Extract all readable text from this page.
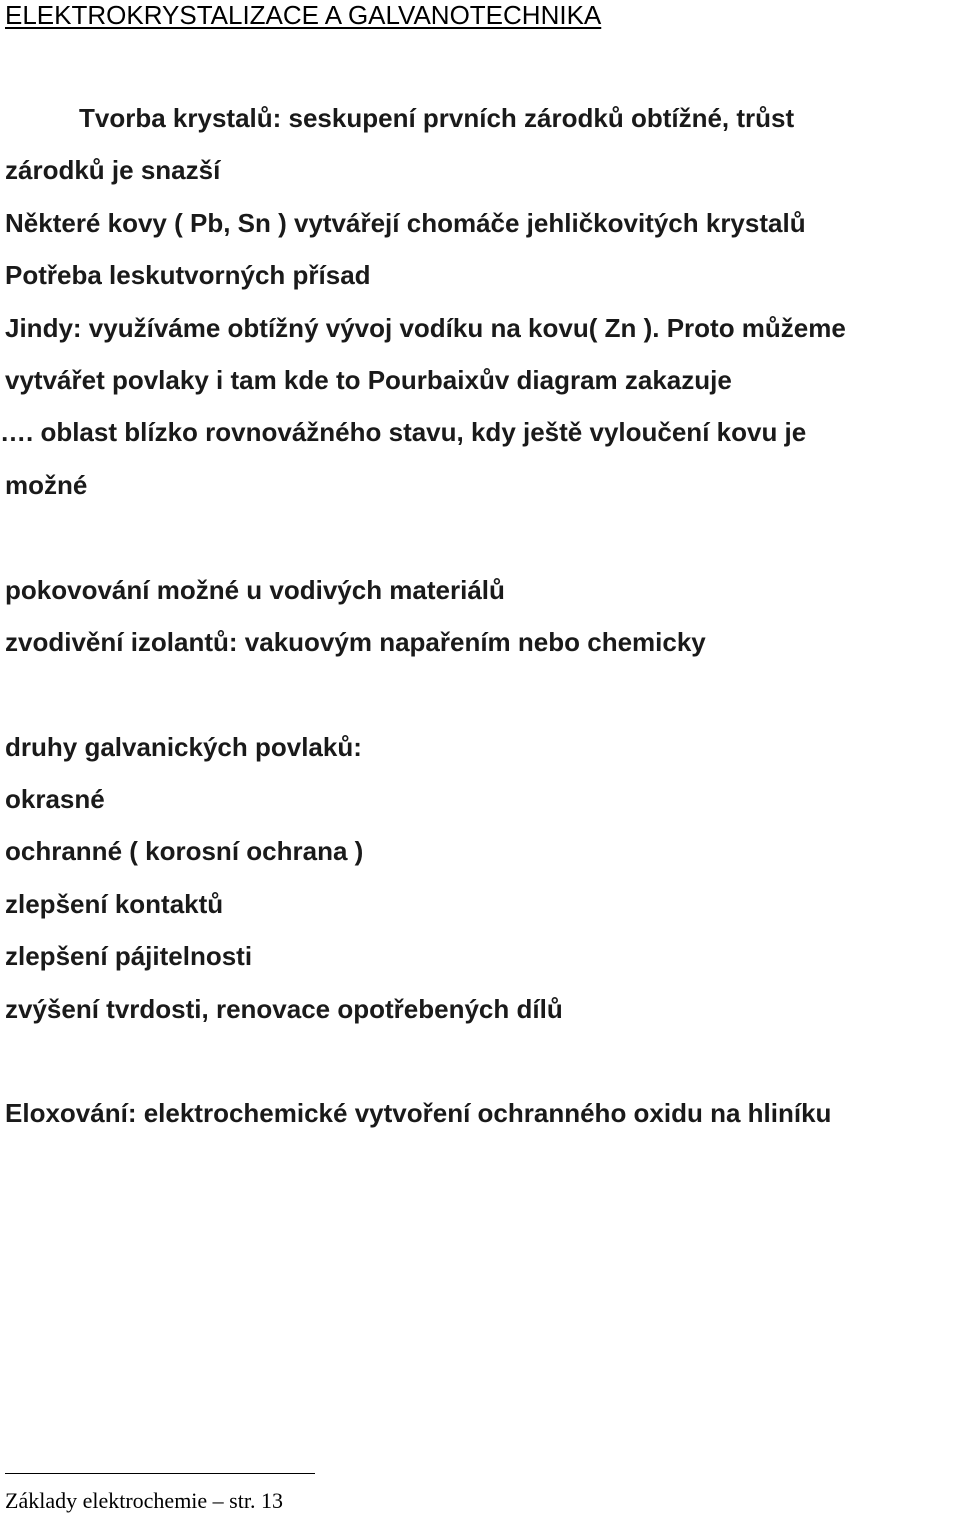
ELEKTROKRYSTALIZACE A GALVANOTECHNIKA
Tvorba krystalů: seskupení prvních zárodků obtížné, trůst
zárodků je snazší
Některé kovy ( Pb, Sn ) vytvářejí chomáče jehličkovitých krystalů
Potřeba leskutvorných přísad
Jindy: využíváme obtížný vývoj vodíku na kovu( Zn ). Proto můžeme
vytvářet povlaky i tam kde to Pourbaixův diagram zakazuje
…. oblast blízko rovnovážného stavu, kdy ještě vyloučení kovu je
možné
pokovování možné u vodivých materiálů
zvodivění izolantů: vakuovým napařením nebo chemicky
druhy galvanických povlaků:
okrasné
ochranné ( korosní ochrana )
zlepšení kontaktů
zlepšení pájitelnosti
zvýšení tvrdosti, renovace opotřebených dílů
Eloxování: elektrochemické vytvoření ochranného oxidu na hliníku
Základy elektrochemie – str. 13
